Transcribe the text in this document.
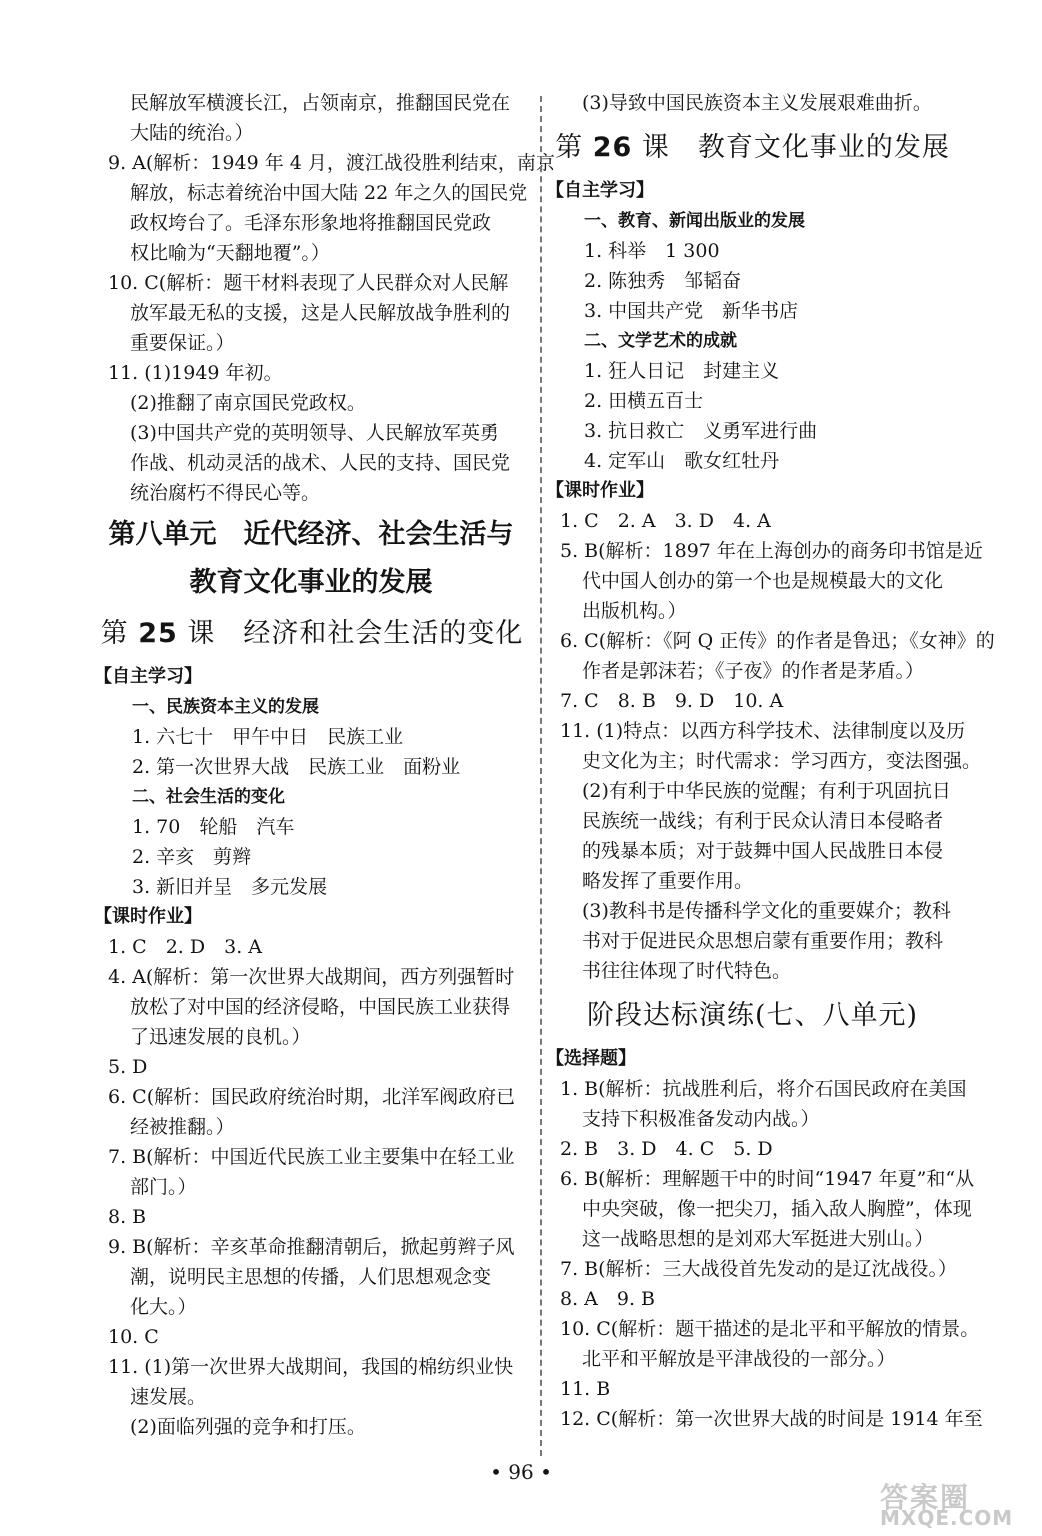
民解放军横渡长江，占领南京，推翻国民党在
大陆的统治。）
9. A(解析：1949 年 4 月，渡江战役胜利结束，南京
解放，标志着统治中国大陆 22 年之久的国民党
政权垮台了。毛泽东形象地将推翻国民党政
权比喻为“天翻地覆”。）
10. C(解析：题干材料表现了人民群众对人民解
放军最无私的支援，这是人民解放战争胜利的
重要保证。）
11. (1)1949 年初。
(2)推翻了南京国民党政权。
(3)中国共产党的英明领导、人民解放军英勇
作战、机动灵活的战术、人民的支持、国民党
统治腐朽不得民心等。
第八单元　近代经济、社会生活与
教育文化事业的发展
第 25 课　经济和社会生活的变化
【自主学习】
一、民族资本主义的发展
1. 六七十　甲午中日　民族工业
2. 第一次世界大战　民族工业　面粉业
二、社会生活的变化
1. 70　轮船　汽车
2. 辛亥　剪辫
3. 新旧并呈　多元发展
【课时作业】
1. C　2. D　3. A
4. A(解析：第一次世界大战期间，西方列强暂时
放松了对中国的经济侵略，中国民族工业获得
了迅速发展的良机。）
5. D
6. C(解析：国民政府统治时期，北洋军阀政府已
经被推翻。）
7. B(解析：中国近代民族工业主要集中在轻工业
部门。）
8. B
9. B(解析：辛亥革命推翻清朝后，掀起剪辫子风
潮，说明民主思想的传播，人们思想观念变
化大。）
10. C
11. (1)第一次世界大战期间，我国的棉纺织业快
速发展。
(2)面临列强的竞争和打压。
(3)导致中国民族资本主义发展艰难曲折。
第 26 课　教育文化事业的发展
【自主学习】
一、教育、新闻出版业的发展
1. 科举　1 300
2. 陈独秀　邹韬奋
3. 中国共产党　新华书店
二、文学艺术的成就
1. 狂人日记　封建主义
2. 田横五百士
3. 抗日救亡　义勇军进行曲
4. 定军山　歌女红牡丹
【课时作业】
1. C　2. A　3. D　4. A
5. B(解析：1897 年在上海创办的商务印书馆是近
代中国人创办的第一个也是规模最大的文化
出版机构。）
6. C(解析：《阿 Q 正传》的作者是鲁迅；《女神》的
作者是郭沫若；《子夜》的作者是茅盾。）
7. C　8. B　9. D　10. A
11. (1)特点：以西方科学技术、法律制度以及历
史文化为主；时代需求：学习西方，变法图强。
(2)有利于中华民族的觉醒；有利于巩固抗日
民族统一战线；有利于民众认清日本侵略者
的残暴本质；对于鼓舞中国人民战胜日本侵
略发挥了重要作用。
(3)教科书是传播科学文化的重要媒介；教科
书对于促进民众思想启蒙有重要作用；教科
书往往体现了时代特色。
阶段达标演练(七、八单元)
【选择题】
1. B(解析：抗战胜利后，将介石国民政府在美国
支持下积极准备发动内战。）
2. B　3. D　4. C　5. D
6. B(解析：理解题干中的时间“1947 年夏”和“从
中央突破，像一把尖刀，插入敌人胸膛”，体现
这一战略思想的是刘邓大军挺进大别山。）
7. B(解析：三大战役首先发动的是辽沈战役。）
8. A　9. B
10. C(解析：题干描述的是北平和平解放的情景。
北平和平解放是平津战役的一部分。）
11. B
12. C(解析：第一次世界大战的时间是 1914 年至
• 96 •
答案圈
MXQE.COM
